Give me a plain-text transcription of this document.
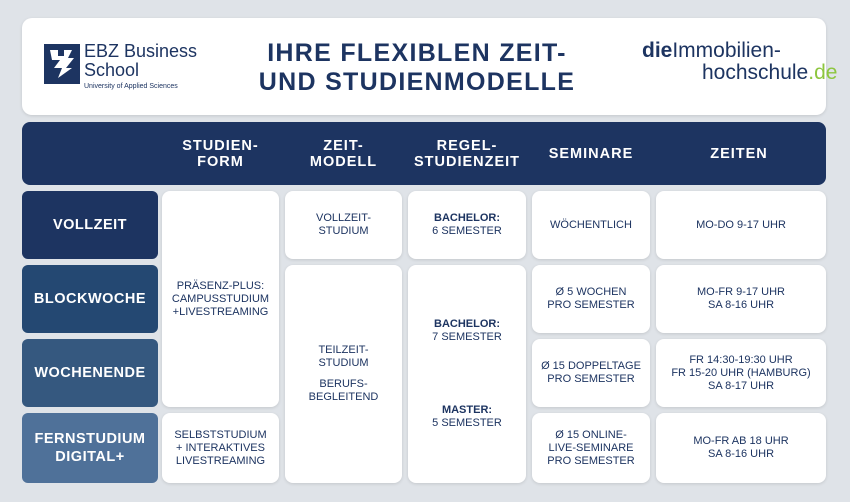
EBZ Business
School
University of Applied Sciences
IHRE FLEXIBLEN ZEIT-
UND STUDIENMODELLE
dieImmobilien-
hochschule.de
STUDIEN-
FORM
ZEIT-
MODELL
REGEL-
STUDIENZEIT SEMINARE	ZEITEN
VOLLZEIT
BLOCKWOCHE
WOCHENENDE
FERNSTUDIUM
DIGITAL+
PRÄSENZ-PLUS:
CAMPUSSTUDIUM
+LIVESTREAMING
SELBSTSTUDIUM
+ INTERAKTIVES
LIVESTREAMING
VOLLZEIT-
STUDIUM
TEILZEIT-
STUDIUM
BERUFS-
BEGLEITEND
BACHELOR:
6 SEMESTER
BACHELOR:
7 SEMESTER
MASTER:
5 SEMESTER
WÖCHENTLICH
Ø 5 WOCHEN
PRO SEMESTER
Ø 15 DOPPELTAGE
PRO SEMESTER
Ø 15 ONLINE-
LIVE-SEMINARE
PRO SEMESTER
MO-DO 9-17 UHR
MO-FR 9-17 UHR
SA 8-16 UHR
FR 14:30-19:30 UHR
FR 15-20 UHR (HAMBURG)
SA 8-17 UHR
MO-FR AB 18 UHR
SA 8-16 UHR
